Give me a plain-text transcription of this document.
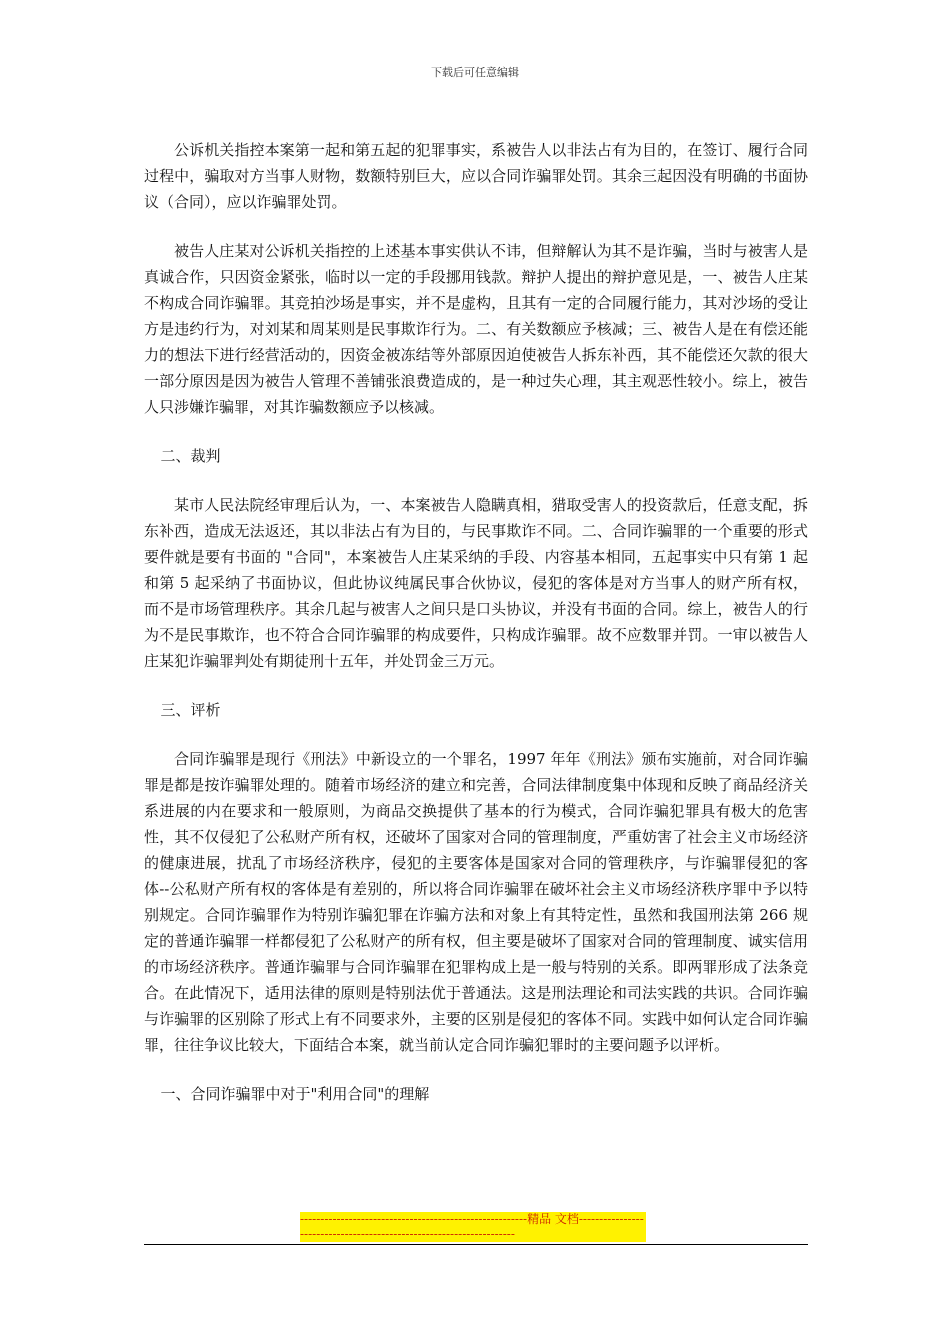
下载后可任意编辑

公诉机关指控本案第一起和第五起的犯罪事实，系被告人以非法占有为目的，在签订、履行合同过程中，骗取对方当事人财物，数额特别巨大，应以合同诈骗罪处罚。其余三起因没有明确的书面协议（合同），应以诈骗罪处罚。

被告人庄某对公诉机关指控的上述基本事实供认不讳，但辩解认为其不是诈骗，当时与被害人是真诚合作，只因资金紧张，临时以一定的手段挪用钱款。辩护人提出的辩护意见是，一、被告人庄某不构成合同诈骗罪。其竞拍沙场是事实，并不是虚构，且其有一定的合同履行能力，其对沙场的受让方是违约行为，对刘某和周某则是民事欺诈行为。二、有关数额应予核减；三、被告人是在有偿还能力的想法下进行经营活动的，因资金被冻结等外部原因迫使被告人拆东补西，其不能偿还欠款的很大一部分原因是因为被告人管理不善铺张浪费造成的，是一种过失心理，其主观恶性较小。综上，被告人只涉嫌诈骗罪，对其诈骗数额应予以核减。

二、裁判

某市人民法院经审理后认为，一、本案被告人隐瞒真相，猎取受害人的投资款后，任意支配，拆东补西，造成无法返还，其以非法占有为目的，与民事欺诈不同。二、合同诈骗罪的一个重要的形式要件就是要有书面的 "合同"，本案被告人庄某采纳的手段、内容基本相同，五起事实中只有第 1 起和第 5 起采纳了书面协议，但此协议纯属民事合伙协议，侵犯的客体是对方当事人的财产所有权，而不是市场管理秩序。其余几起与被害人之间只是口头协议，并没有书面的合同。综上，被告人的行为不是民事欺诈，也不符合合同诈骗罪的构成要件，只构成诈骗罪。故不应数罪并罚。一审以被告人庄某犯诈骗罪判处有期徒刑十五年，并处罚金三万元。

三、评析

合同诈骗罪是现行《刑法》中新设立的一个罪名，1997 年年《刑法》颁布实施前，对合同诈骗罪是都是按诈骗罪处理的。随着市场经济的建立和完善，合同法律制度集中体现和反映了商品经济关系进展的内在要求和一般原则，为商品交换提供了基本的行为模式，合同诈骗犯罪具有极大的危害性，其不仅侵犯了公私财产所有权，还破坏了国家对合同的管理制度，严重妨害了社会主义市场经济的健康进展，扰乱了市场经济秩序，侵犯的主要客体是国家对合同的管理秩序，与诈骗罪侵犯的客体--公私财产所有权的客体是有差别的，所以将合同诈骗罪在破坏社会主义市场经济秩序罪中予以特别规定。合同诈骗罪作为特别诈骗犯罪在诈骗方法和对象上有其特定性，虽然和我国刑法第 266 规定的普通诈骗罪一样都侵犯了公私财产的所有权，但主要是破坏了国家对合同的管理制度、诚实信用的市场经济秩序。普通诈骗罪与合同诈骗罪在犯罪构成上是一般与特别的关系。即两罪形成了法条竞合。在此情况下，适用法律的原则是特别法优于普通法。这是刑法理论和司法实践的共识。合同诈骗与诈骗罪的区别除了形式上有不同要求外，主要的区别是侵犯的客体不同。实践中如何认定合同诈骗罪，往往争议比较大，下面结合本案，就当前认定合同诈骗犯罪时的主要问题予以评析。

一、合同诈骗罪中对于"利用合同"的理解

--------------------------------------------------------精品 文档---------------------------------------------------------------------
